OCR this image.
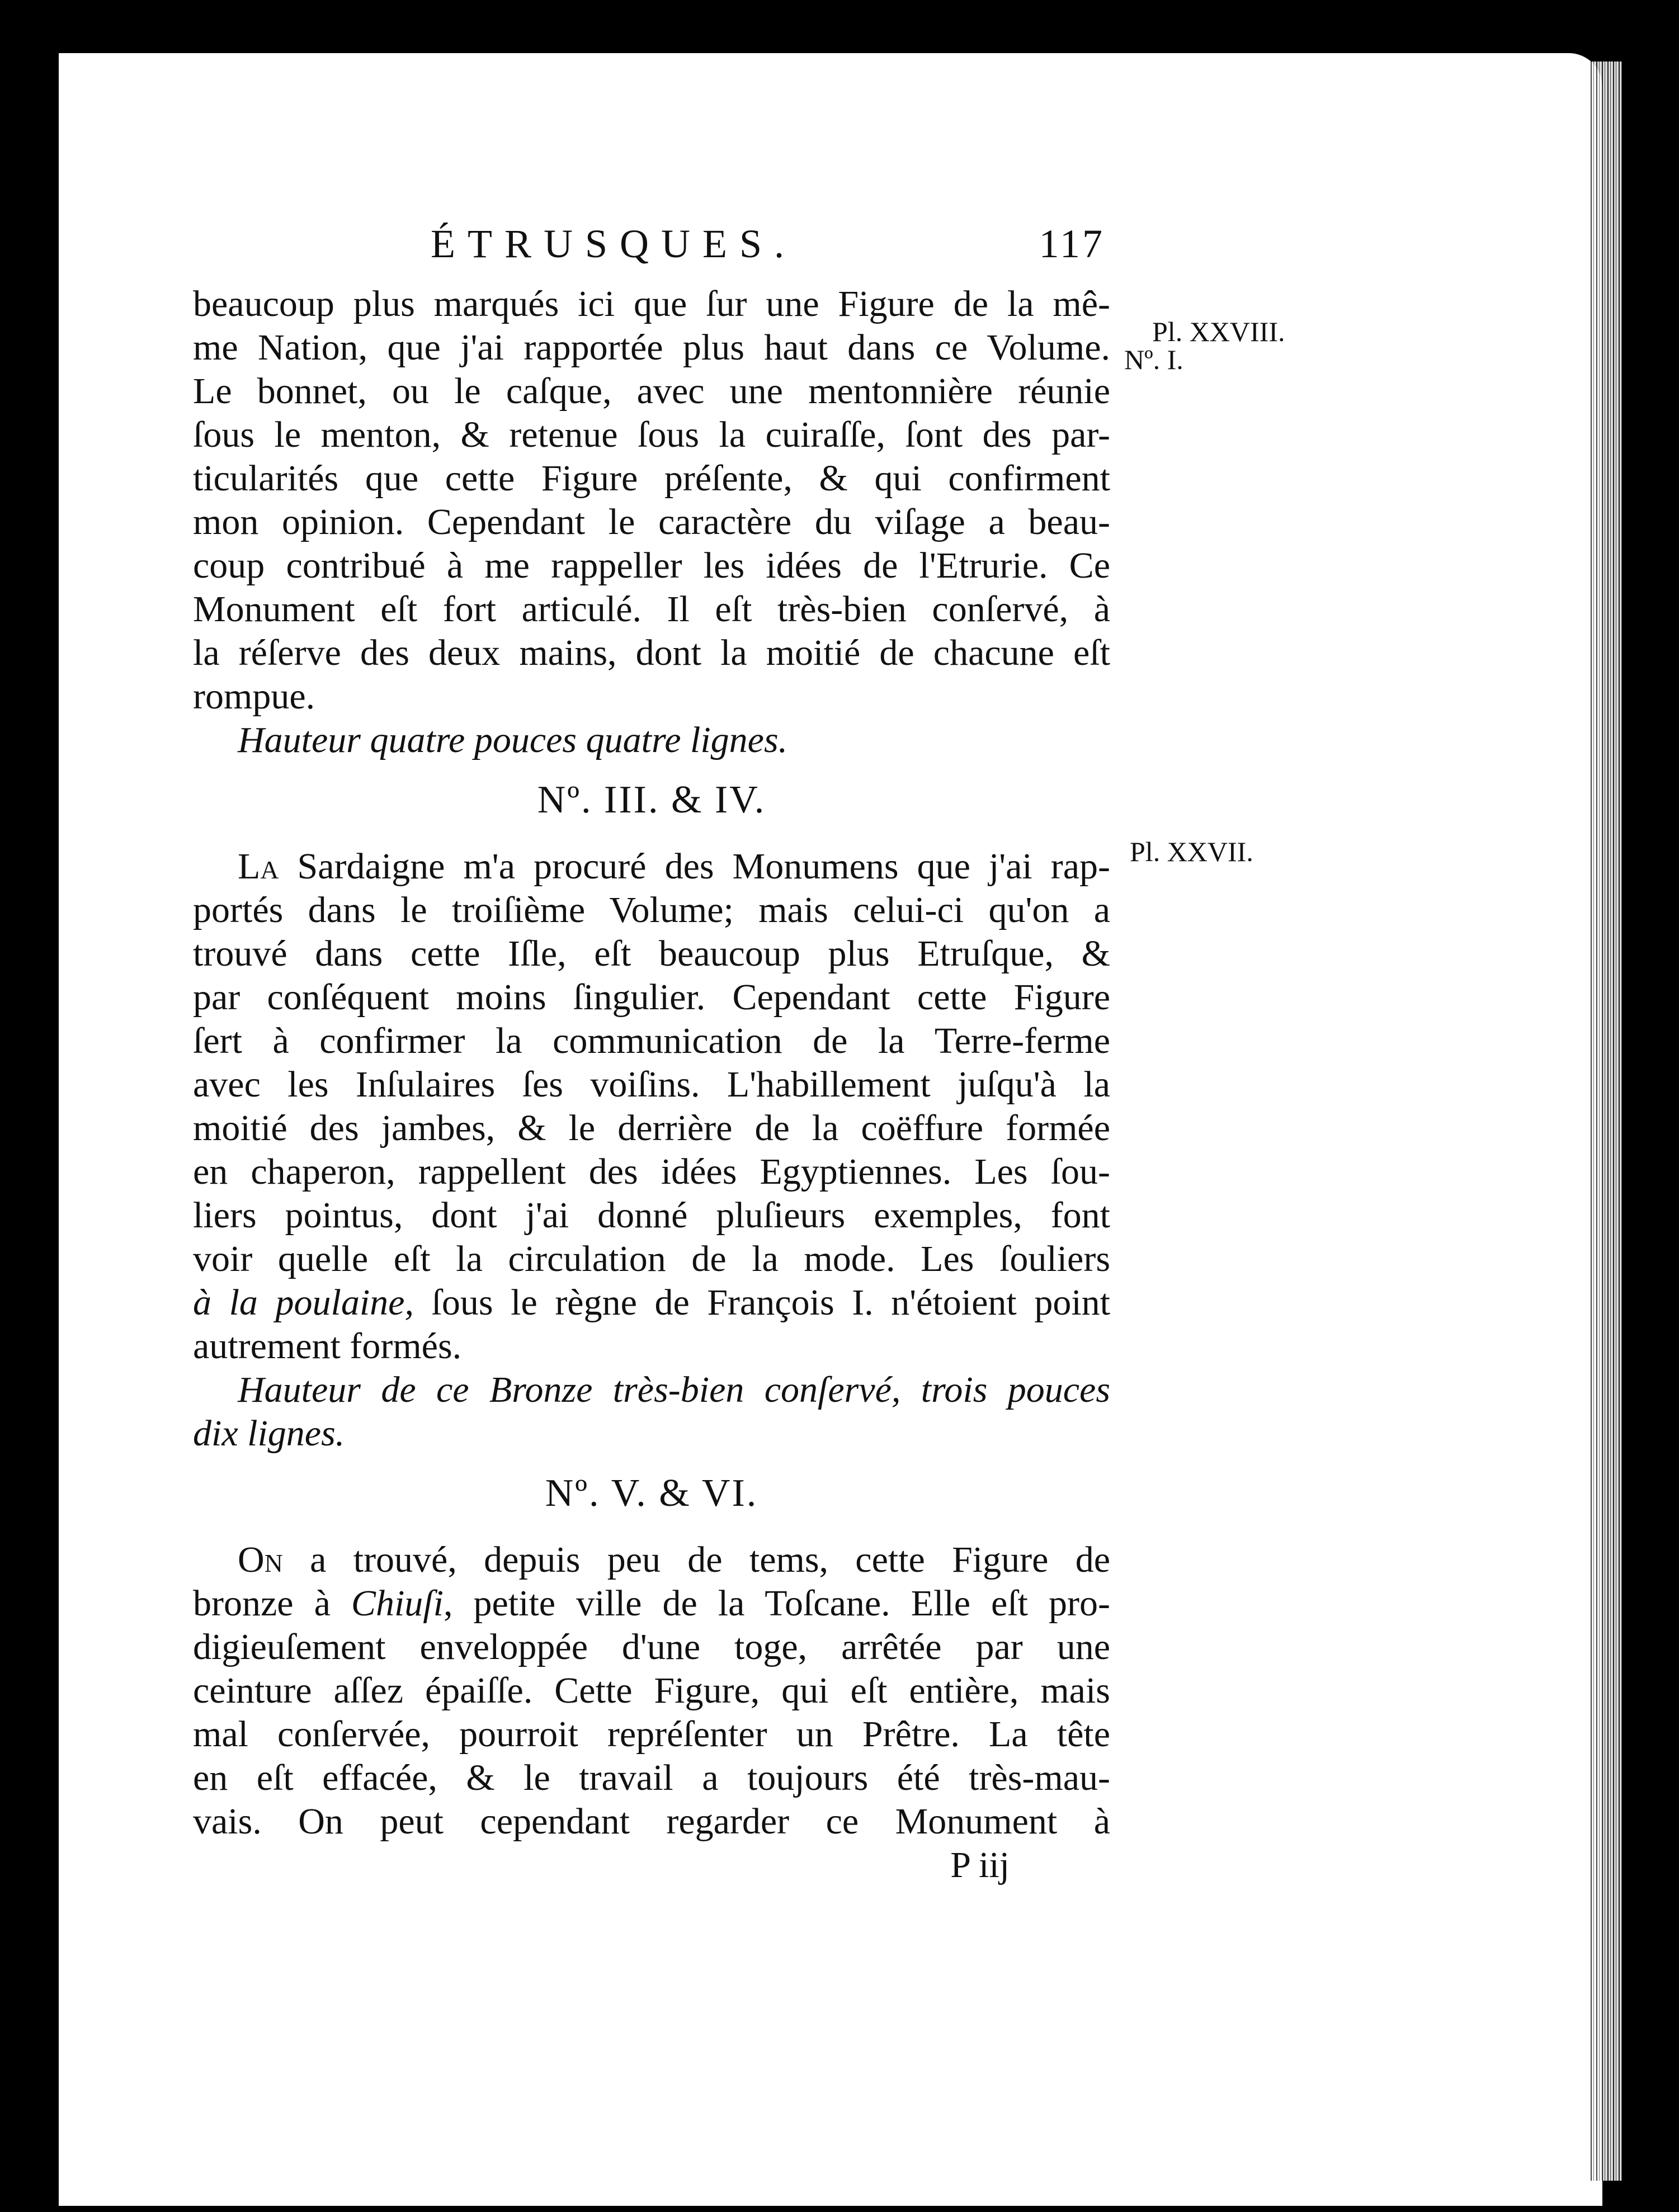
ÉTRUSQUES.	117
beaucoup plus marqués ici que ſur une Figure de la mê-
me Nation, que j'ai rapportée plus haut dans ce Volume.
Le bonnet, ou le caſque, avec une mentonnière réunie
ſous le menton, & retenue ſous la cuiraſſe, ſont des par-
ticularités que cette Figure préſente, & qui confirment
mon opinion. Cependant le caractère du viſage a beau-
coup contribué à me rappeller les idées de l'Etrurie. Ce
Monument eſt fort articulé. Il eſt très-bien conſervé, à
la réſerve des deux mains, dont la moitié de chacune eſt
rompue.
Hauteur quatre pouces quatre lignes.
Nº. III. & IV.
La Sardaigne m'a procuré des Monumens que j'ai rap-
portés dans le troiſième Volume; mais celui-ci qu'on a
trouvé dans cette Iſle, eſt beaucoup plus Etruſque, &
par conſéquent moins ſingulier. Cependant cette Figure
ſert à confirmer la communication de la Terre-ferme
avec les Inſulaires ſes voiſins. L'habillement juſqu'à la
moitié des jambes, & le derrière de la coëffure formée
en chaperon, rappellent des idées Egyptiennes. Les ſou-
liers pointus, dont j'ai donné pluſieurs exemples, font
voir quelle eſt la circulation de la mode. Les ſouliers
à la poulaine, ſous le règne de François I. n'étoient point
autrement formés.
Hauteur de ce Bronze très-bien conſervé, trois pouces
dix lignes.
Nº. V. & VI.
On a trouvé, depuis peu de tems, cette Figure de
bronze à Chiuſi, petite ville de la Toſcane. Elle eſt pro-
digieuſement enveloppée d'une toge, arrêtée par une
ceinture aſſez épaiſſe. Cette Figure, qui eſt entière, mais
mal conſervée, pourroit repréſenter un Prêtre. La tête
en eſt effacée, & le travail a toujours été très-mau-
vais. On peut cependant regarder ce Monument à
P iij
Pl. XXVIII.
Nº. I.
Pl. XXVII.
